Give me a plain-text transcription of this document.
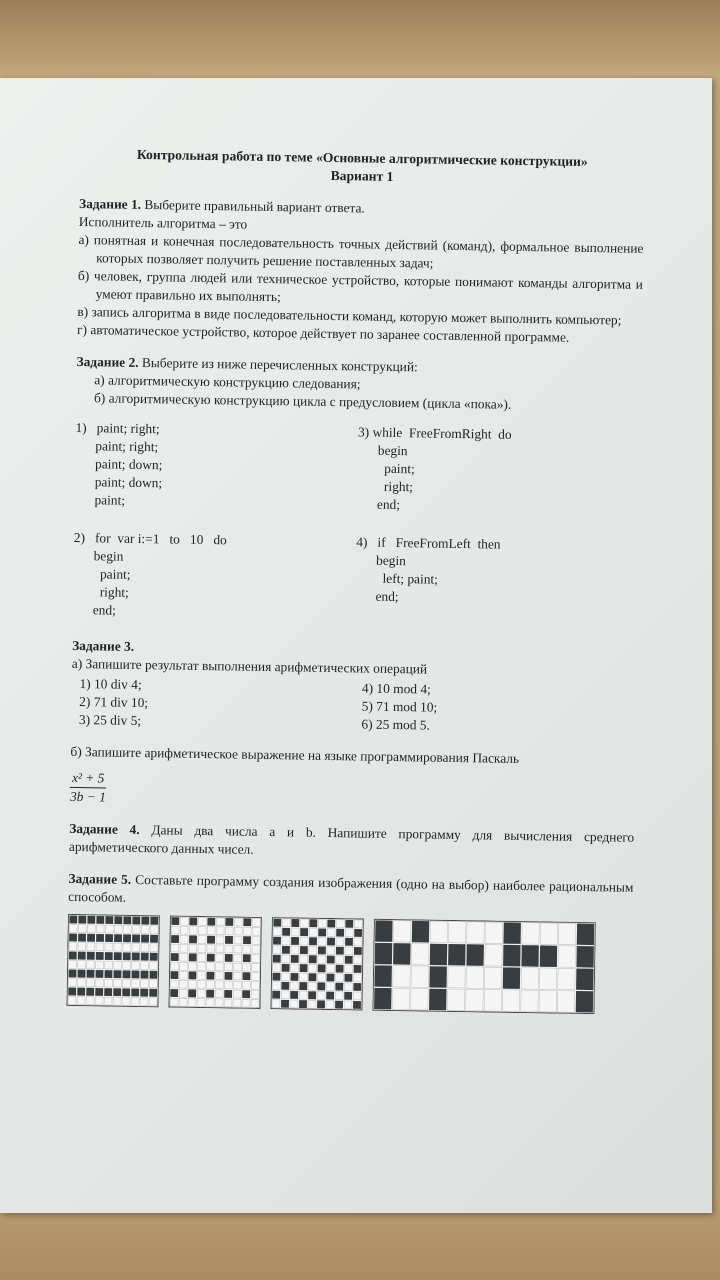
Контрольная работа по теме «Основные алгоритмические конструкции»
Вариант 1

Задание 1. Выберите правильный вариант ответа.

Исполнитель алгоритма – это

а) понятная и конечная последовательность точных действий (команд), формальное выполнение которых позволяет получить решение поставленных задач;

б) человек, группа людей или техническое устройство, которые понимают команды алгоритма и умеют правильно их выполнять;

в) запись алгоритма в виде последовательности команд, которую может выполнить компьютер;

г) автоматическое устройство, которое действует по заранее составленной программе.

Задание 2. Выберите из ниже перечисленных конструкций:

а) алгоритмическую конструкцию следования;

б) алгоритмическую конструкцию цикла с предусловием (цикла «пока»).

1)   paint; right;
paint; right;
paint; down;
paint; down;
paint;
3) while  FreeFromRight  do
begin
paint;
right;
end;
2)   for  var i:=1   to   10   do
begin
paint;
right;
end;
4)   if   FreeFromLeft  then
begin
left; paint;
end;

Задание 3.

а) Запишите результат выполнения арифметических операций

1) 10 div 4;
2) 71 div 10;
3) 25 div 5;
4) 10 mod 4;
5) 71 mod 10;
6) 25 mod 5.

б) Запишите арифметическое выражение на языке программирования Паскаль

$\frac{\text{x² + 5}}{3b - 1}$

Задание 4. Даны два числа a и b. Напишите программу для вычисления среднего арифметического данных чисел.

Задание 5. Составьте программу создания изображения (одно на выбор) наиболее рациональным способом.
